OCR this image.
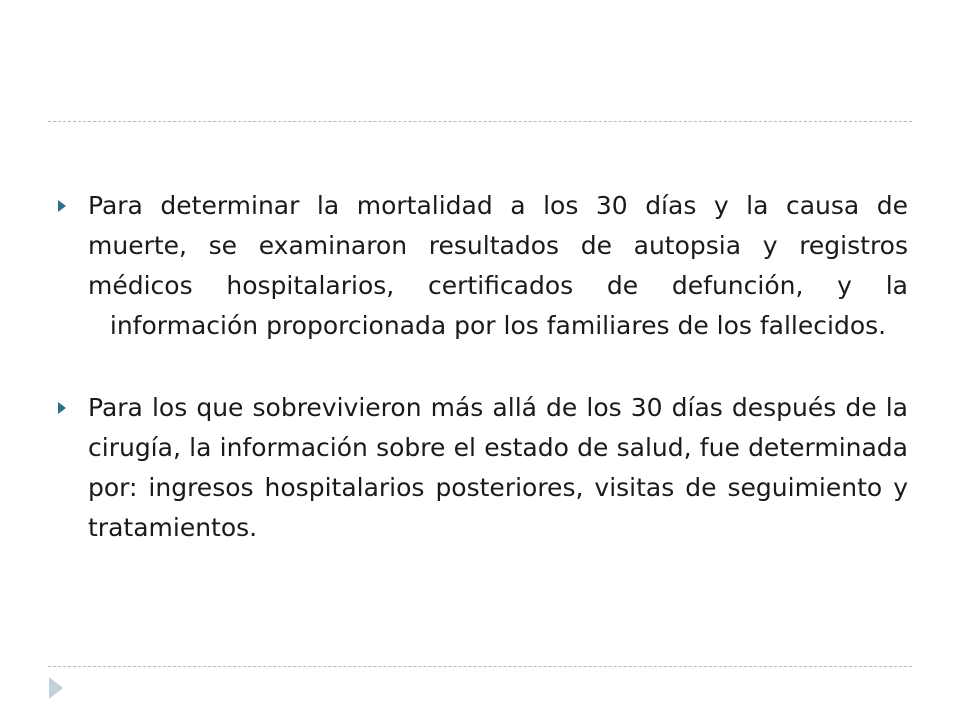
Para determinar la mortalidad a los 30 días y la causa de muerte, se examinaron resultados de autopsia y registros médicos hospitalarios, certificados de defunción, y la información proporcionada por los familiares de los fallecidos.
Para los que sobrevivieron más allá de los 30 días después de la cirugía, la información sobre el estado de salud, fue determinada por: ingresos hospitalarios posteriores, visitas de seguimiento y tratamientos.
